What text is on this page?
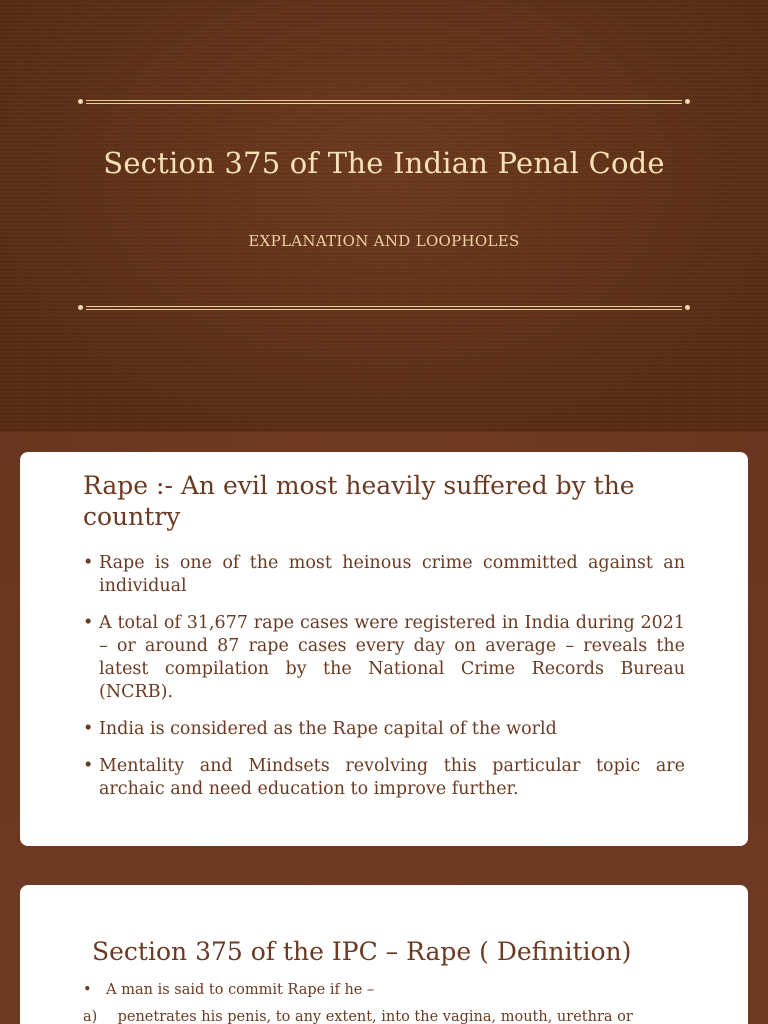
Section 375 of The Indian Penal Code
EXPLANATION AND LOOPHOLES
Rape :- An evil most heavily suffered by the country
• Rape is one of the most heinous crime committed against an individual
• A total of 31,677 rape cases were registered in India during 2021 – or around 87 rape cases every day on average – reveals the latest compilation by the National Crime Records Bureau (NCRB).
• India is considered as the Rape capital of the world
• Mentality and Mindsets revolving this particular topic are archaic and need education to improve further.
Section 375 of the IPC – Rape ( Definition)
• A man is said to commit Rape if he –
a) penetrates his penis, to any extent, into the vagina, mouth, urethra or
